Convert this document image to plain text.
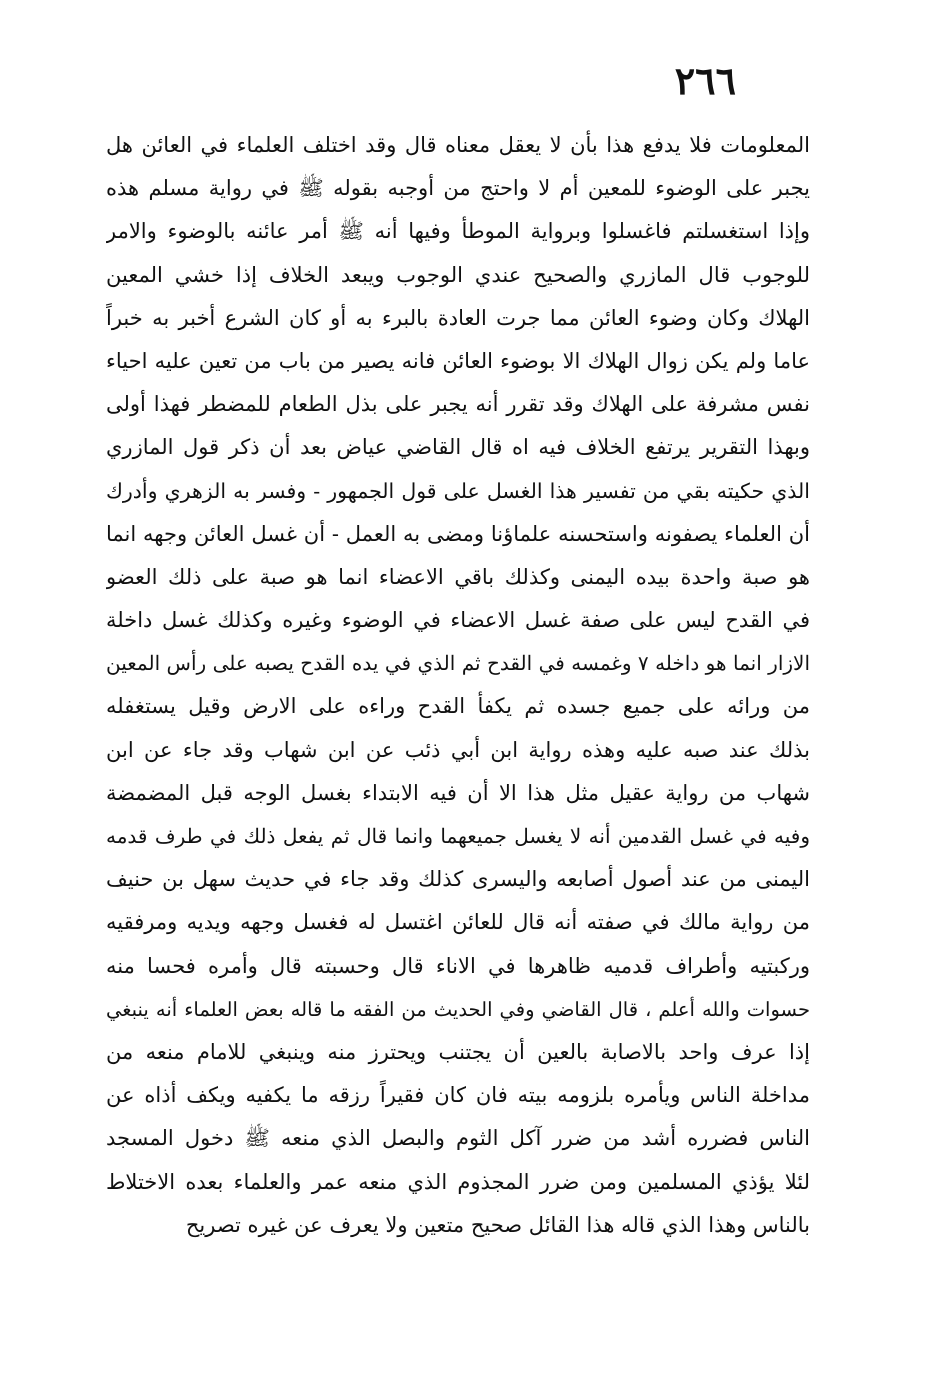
٢٦٦
المعلومات فلا يدفع هذا بأن لا يعقل معناه قال وقد اختلف العلماء في العائن هل
يجبر على الوضوء للمعين أم لا واحتج من أوجبه بقوله ﷺ في رواية مسلم هذه
وإذا استغسلتم فاغسلوا وبرواية الموطأ وفيها أنه ﷺ أمر عائنه بالوضوء والامر
للوجوب قال المازري والصحيح عندي الوجوب ويبعد الخلاف إذا خشي المعين
الهلاك وكان وضوء العائن مما جرت العادة بالبرء به أو كان الشرع أخبر به خبراً
عاما ولم يكن زوال الهلاك الا بوضوء العائن فانه يصير من باب من تعين عليه احياء
نفس مشرفة على الهلاك وقد تقرر أنه يجبر على بذل الطعام للمضطر فهذا أولى
وبهذا التقرير يرتفع الخلاف فيه اه قال القاضي عياض بعد أن ذكر قول المازري
الذي حكيته بقي من تفسير هذا الغسل على قول الجمهور - وفسر به الزهري وأدرك
أن العلماء يصفونه واستحسنه علماؤنا ومضى به العمل - أن غسل العائن وجهه انما
هو صبة واحدة بيده اليمنى وكذلك باقي الاعضاء انما هو صبة على ذلك العضو
في القدح ليس على صفة غسل الاعضاء في الوضوء وغيره وكذلك غسل داخلة
الازار انما هو داخله ٧ وغمسه في القدح ثم الذي في يده القدح يصبه على رأس المعين
من ورائه على جميع جسده ثم يكفأ القدح وراءه على الارض وقيل يستغفله
بذلك عند صبه عليه وهذه رواية ابن أبي ذئب عن ابن شهاب وقد جاء عن ابن
شهاب من رواية عقيل مثل هذا الا أن فيه الابتداء بغسل الوجه قبل المضمضة
وفيه في غسل القدمين أنه لا يغسل جميعهما وانما قال ثم يفعل ذلك في طرف قدمه
اليمنى من عند أصول أصابعه واليسرى كذلك وقد جاء في حديث سهل بن حنيف
من رواية مالك في صفته أنه قال للعائن اغتسل له فغسل وجهه ويديه ومرفقيه
وركبتيه وأطراف قدميه ظاهرها في الاناء قال وحسبته قال وأمره فحسا منه
حسوات والله أعلم ، قال القاضي وفي الحديث من الفقه ما قاله بعض العلماء أنه ينبغي
إذا عرف واحد بالاصابة بالعين أن يجتنب ويحترز منه وينبغي للامام منعه من
مداخلة الناس ويأمره بلزومه بيته فان كان فقيراً رزقه ما يكفيه ويكف أذاه عن
الناس فضرره أشد من ضرر آكل الثوم والبصل الذي منعه ﷺ دخول المسجد
لئلا يؤذي المسلمين ومن ضرر المجذوم الذي منعه عمر والعلماء بعده الاختلاط
بالناس وهذا الذي قاله هذا القائل صحيح متعين ولا يعرف عن غيره تصريح
